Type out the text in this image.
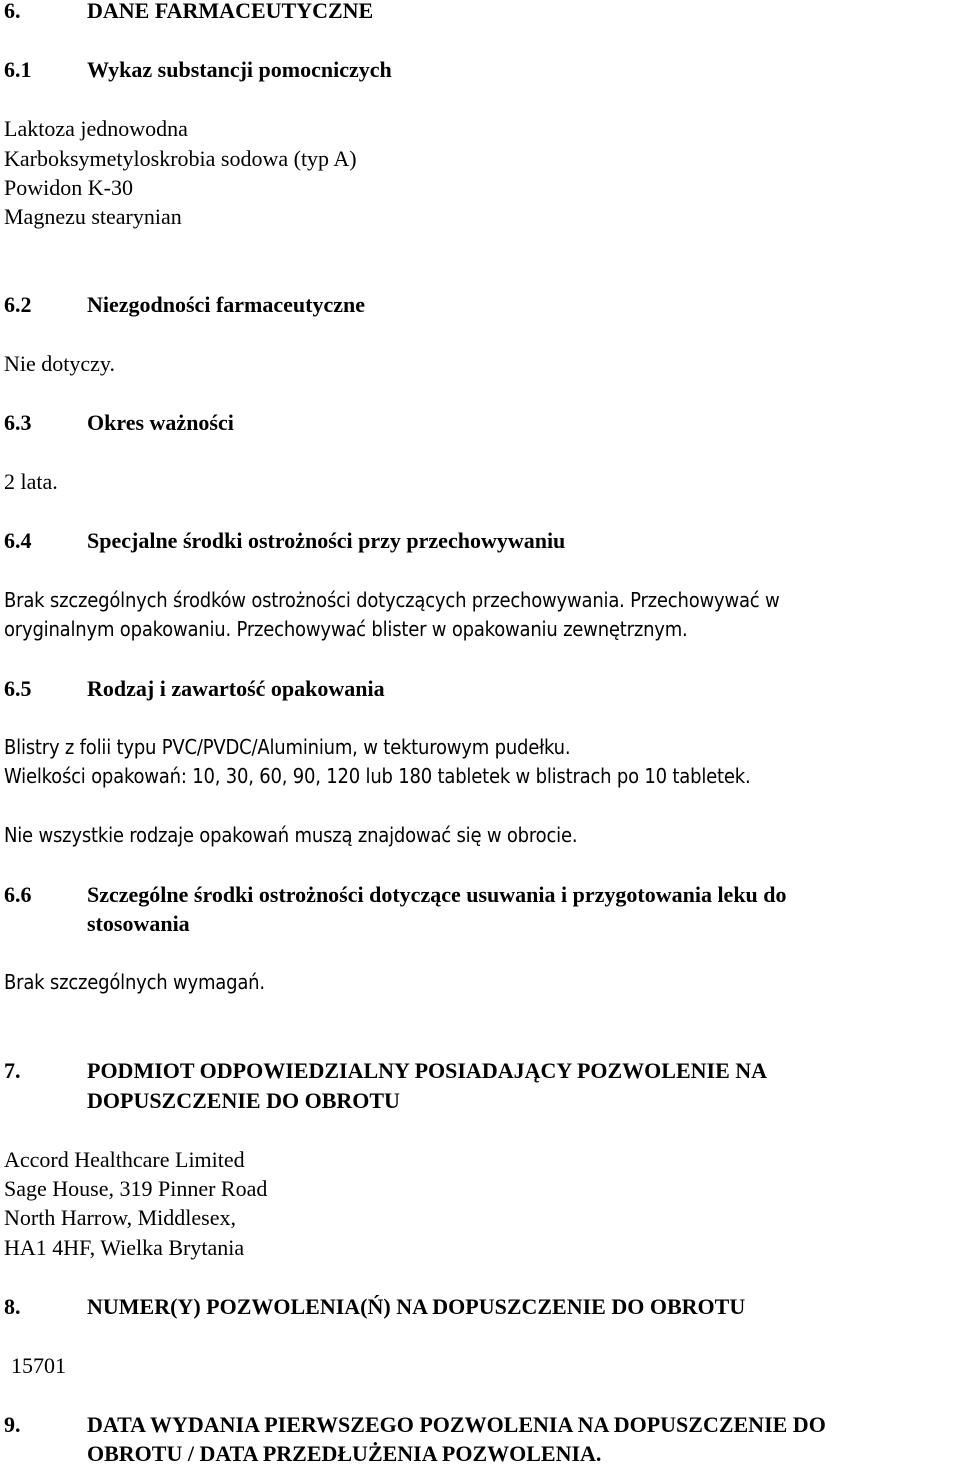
6.	DANE FARMACEUTYCZNE
6.1	Wykaz substancji pomocniczych
Laktoza jednowodna
Karboksymetyloskrobia sodowa (typ A)
Powidon K-30
Magnezu stearynian
6.2	Niezgodności farmaceutyczne
Nie dotyczy.
6.3	Okres ważności
2 lata.
6.4	Specjalne środki ostrożności przy przechowywaniu
Brak szczególnych środków ostrożności dotyczących przechowywania. Przechowywać w
oryginalnym opakowaniu. Przechowywać blister w opakowaniu zewnętrznym.
6.5	Rodzaj i zawartość opakowania
Blistry z folii typu PVC/PVDC/Aluminium, w tekturowym pudełku.
Wielkości opakowań: 10, 30, 60, 90, 120 lub 180 tabletek w blistrach po 10 tabletek.
Nie wszystkie rodzaje opakowań muszą znajdować się w obrocie.
6.6	Szczególne środki ostrożności dotyczące usuwania i przygotowania leku do
stosowania
Brak szczególnych wymagań.
7.	PODMIOT ODPOWIEDZIALNY POSIADAJĄCY POZWOLENIE NA
DOPUSZCZENIE DO OBROTU
Accord Healthcare Limited
Sage House, 319 Pinner Road
North Harrow, Middlesex,
HA1 4HF, Wielka Brytania
8.	NUMER(Y) POZWOLENIA(Ń) NA DOPUSZCZENIE DO OBROTU
15701
9.	DATA WYDANIA PIERWSZEGO POZWOLENIA NA DOPUSZCZENIE DO
OBROTU / DATA PRZEDŁUŻENIA POZWOLENIA.
